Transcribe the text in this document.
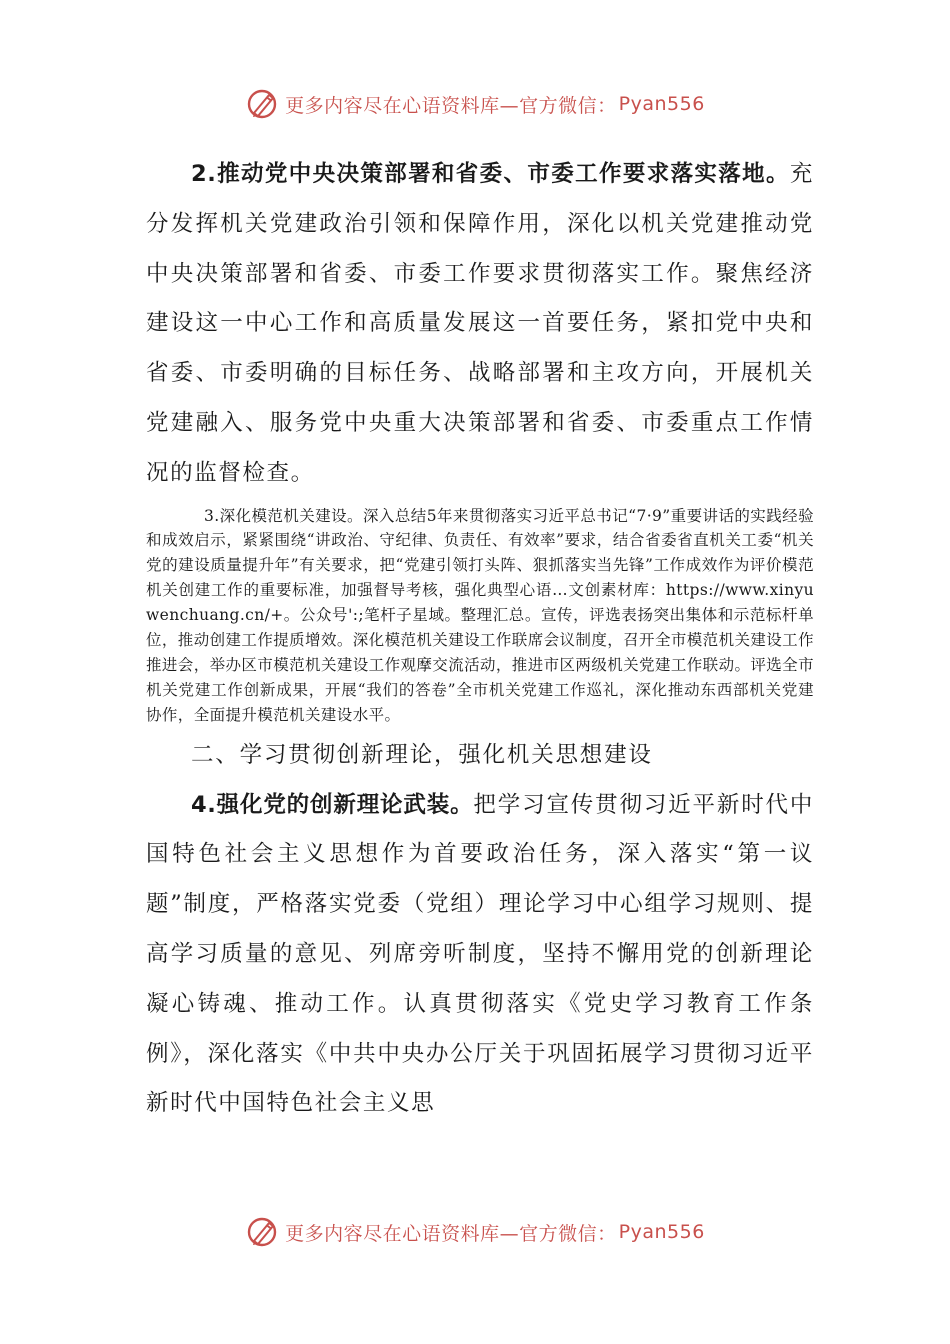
更多内容尽在心语资料库—官方微信： Pyan556

2.推动党中央决策部署和省委、市委工作要求落实落地。充分发挥机关党建政治引领和保障作用，深化以机关党建推动党中央决策部署和省委、市委工作要求贯彻落实工作。聚焦经济建设这一中心工作和高质量发展这一首要任务，紧扣党中央和省委、市委明确的目标任务、战略部署和主攻方向，开展机关党建融入、服务党中央重大决策部署和省委、市委重点工作情况的监督检查。

3.深化模范机关建设。深入总结5年来贯彻落实习近平总书记“7·9”重要讲话的实践经验和成效启示，紧紧围绕“讲政治、守纪律、负责任、有效率”要求，结合省委省直机关工委“机关党的建设质量提升年”有关要求，把“党建引领打头阵、狠抓落实当先锋”工作成效作为评价模范机关创建工作的重要标准，加强督导考核，强化典型心语…文创素材库：https://www.xinyuwenchuang.cn/+。公众号':;笔杆子星域。整理汇总。宣传，评选表扬突出集体和示范标杆单位，推动创建工作提质增效。深化模范机关建设工作联席会议制度，召开全市模范机关建设工作推进会，举办区市模范机关建设工作观摩交流活动，推进市区两级机关党建工作联动。评选全市机关党建工作创新成果，开展“我们的答卷”全市机关党建工作巡礼，深化推动东西部机关党建协作，全面提升模范机关建设水平。

二、学习贯彻创新理论，强化机关思想建设

4.强化党的创新理论武装。把学习宣传贯彻习近平新时代中国特色社会主义思想作为首要政治任务，深入落实“第一议题”制度，严格落实党委（党组）理论学习中心组学习规则、提高学习质量的意见、列席旁听制度，坚持不懈用党的创新理论凝心铸魂、推动工作。认真贯彻落实《党史学习教育工作条例》，深化落实《中共中央办公厅关于巩固拓展学习贯彻习近平新时代中国特色社会主义思

更多内容尽在心语资料库—官方微信： Pyan556
